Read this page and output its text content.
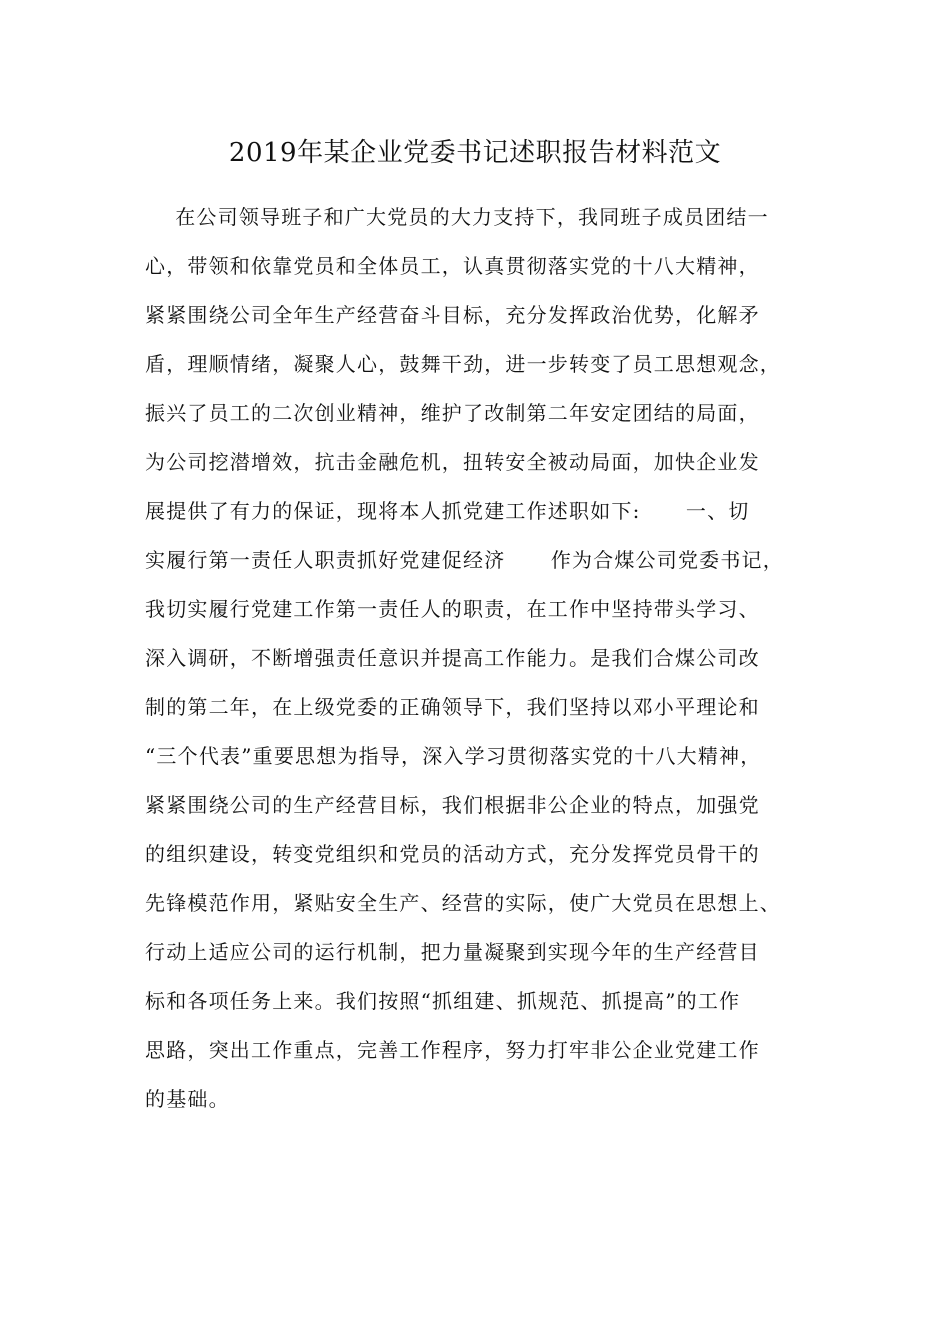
2019年某企业党委书记述职报告材料范文
在公司领导班子和广大党员的大力支持下，我同班子成员团结一
心，带领和依靠党员和全体员工，认真贯彻落实党的十八大精神，
紧紧围绕公司全年生产经营奋斗目标，充分发挥政治优势，化解矛
盾，理顺情绪，凝聚人心，鼓舞干劲，进一步转变了员工思想观念，
振兴了员工的二次创业精神，维护了改制第二年安定团结的局面，
为公司挖潜增效，抗击金融危机，扭转安全被动局面，加快企业发
展提供了有力的保证，现将本人抓党建工作述职如下:      一、切
实履行第一责任人职责抓好党建促经济      作为合煤公司党委书记，
我切实履行党建工作第一责任人的职责，在工作中坚持带头学习、
深入调研，不断增强责任意识并提高工作能力。是我们合煤公司改
制的第二年，在上级党委的正确领导下，我们坚持以邓小平理论和
“三个代表”重要思想为指导，深入学习贯彻落实党的十八大精神，
紧紧围绕公司的生产经营目标，我们根据非公企业的特点，加强党
的组织建设，转变党组织和党员的活动方式，充分发挥党员骨干的
先锋模范作用，紧贴安全生产、经营的实际，使广大党员在思想上、
行动上适应公司的运行机制，把力量凝聚到实现今年的生产经营目
标和各项任务上来。我们按照“抓组建、抓规范、抓提高”的工作
思路，突出工作重点，完善工作程序，努力打牢非公企业党建工作
的基础。
